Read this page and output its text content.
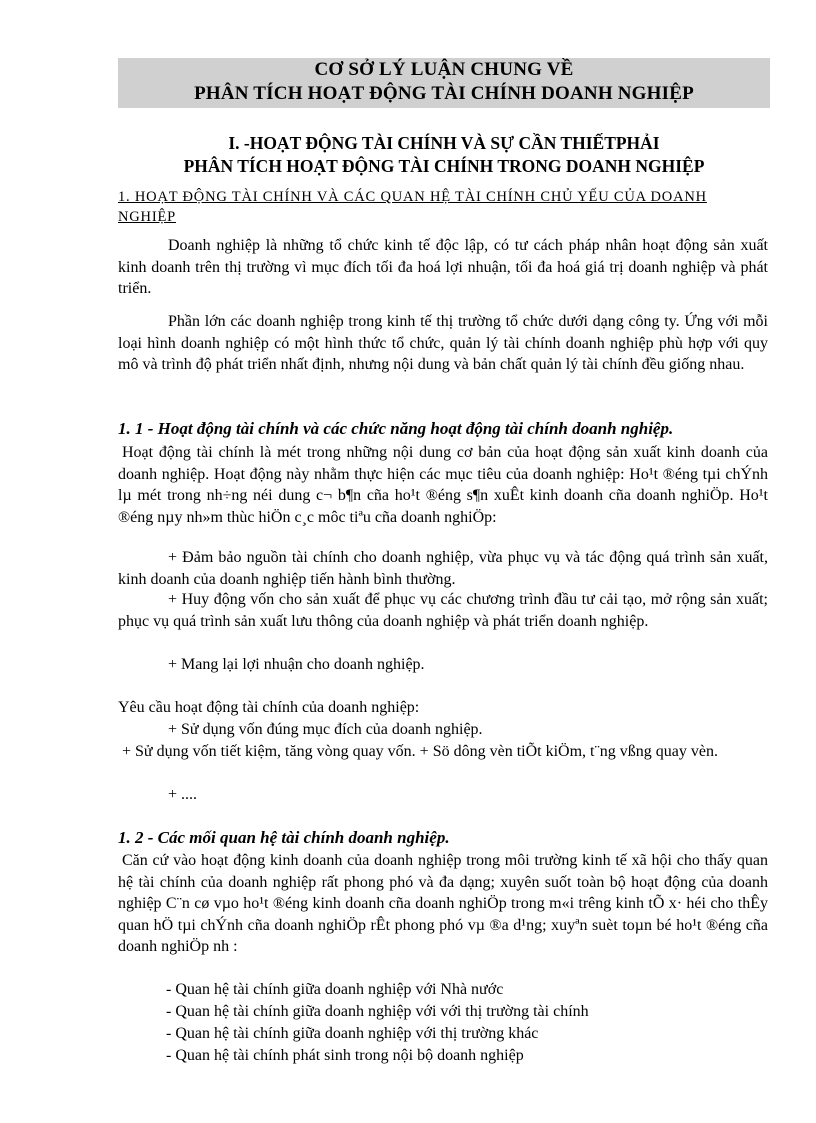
CƠ SỞ LÝ LUẬN CHUNG VỀ
PHÂN TÍCH HOẠT ĐỘNG TÀI CHÍNH DOANH NGHIỆP
I. -HOẠT ĐỘNG TÀI CHÍNH VÀ SỰ CẦN THIẾTPHẢI
PHÂN TÍCH HOẠT ĐỘNG TÀI CHÍNH TRONG DOANH NGHIỆP
1. HOẠT ĐỘNG TÀI CHÍNH VÀ CÁC QUAN HỆ TÀI CHÍNH CHỦ YẾU CỦA DOANH NGHIỆP

Doanh nghiệp là những tổ chức kinh tế độc lập, có tư cách pháp nhân hoạt động sản xuất kinh doanh trên thị trường vì mục đích tối đa hoá lợi nhuận, tối đa hoá giá trị doanh nghiệp và phát triển.

Phần lớn các doanh nghiệp trong kinh tế thị trường tổ chức dưới dạng công ty. Ứng với mỗi loại hình doanh nghiệp có một hình thức tổ chức, quản lý tài chính doanh nghiệp phù hợp với quy mô và trình độ phát triển nhất định, nhưng nội dung và bản chất quản lý tài chính đều giống nhau.

1. 1 - Hoạt động tài chính và các chức năng hoạt động tài chính doanh nghiệp.

Hoạt động tài chính là mét trong những nội dung cơ bản của hoạt động sản xuất kinh doanh của doanh nghiệp. Hoạt động này nhằm thực hiện các mục tiêu của doanh nghiệp: Ho¹t ®éng tµi chÝnh lµ mét trong nh÷ng néi dung c¬ b¶n cña ho¹t ®éng s¶n xuÊt kinh doanh cña doanh nghiÖp. Ho¹t ®éng nµy nh»m thùc hiÖn c¸c môc tiªu cña doanh nghiÖp:

+ Đảm bảo nguồn tài chính cho doanh nghiệp, vừa phục vụ và tác động quá trình sản xuất, kinh doanh của doanh nghiệp tiến hành bình thường.

+ Huy động vốn cho sản xuất để phục vụ các chương trình đầu tư cải tạo, mở rộng sản xuất; phục vụ quá trình sản xuất lưu thông của doanh nghiệp và phát triển doanh nghiệp.

+ Mang lại lợi nhuận cho doanh nghiệp.

Yêu cầu hoạt động tài chính của doanh nghiệp:

+ Sử dụng vốn đúng mục đích của doanh nghiệp.

+ Sử dụng vốn tiết kiệm, tăng vòng quay vốn. + Sö dông vèn tiÕt kiÖm, t¨ng vßng quay vèn.

+ ....

1. 2 - Các mối quan hệ tài chính doanh nghiệp.

Căn cứ vào hoạt động kinh doanh của doanh nghiệp trong môi trường kinh tế xã hội cho thấy quan hệ tài chính của doanh nghiệp rất phong phó và đa dạng; xuyên suốt toàn bộ hoạt động của doanh nghiệp C¨n cø vµo ho¹t ®éng kinh doanh cña doanh nghiÖp trong m«i trêng kinh tÕ x· héi cho thÊy quan hÖ tµi chÝnh cña doanh nghiÖp rÊt phong phó vµ ®a d¹ng; xuyªn suèt toµn bé ho¹t ®éng cña doanh nghiÖp nh :

- Quan hệ tài chính giữa doanh nghiệp với Nhà nước
- Quan hệ tài chính giữa doanh nghiệp với với thị trường tài chính
- Quan hệ tài chính giữa doanh nghiệp với thị trường khác
- Quan hệ tài chính phát sinh trong nội bộ doanh nghiệp
